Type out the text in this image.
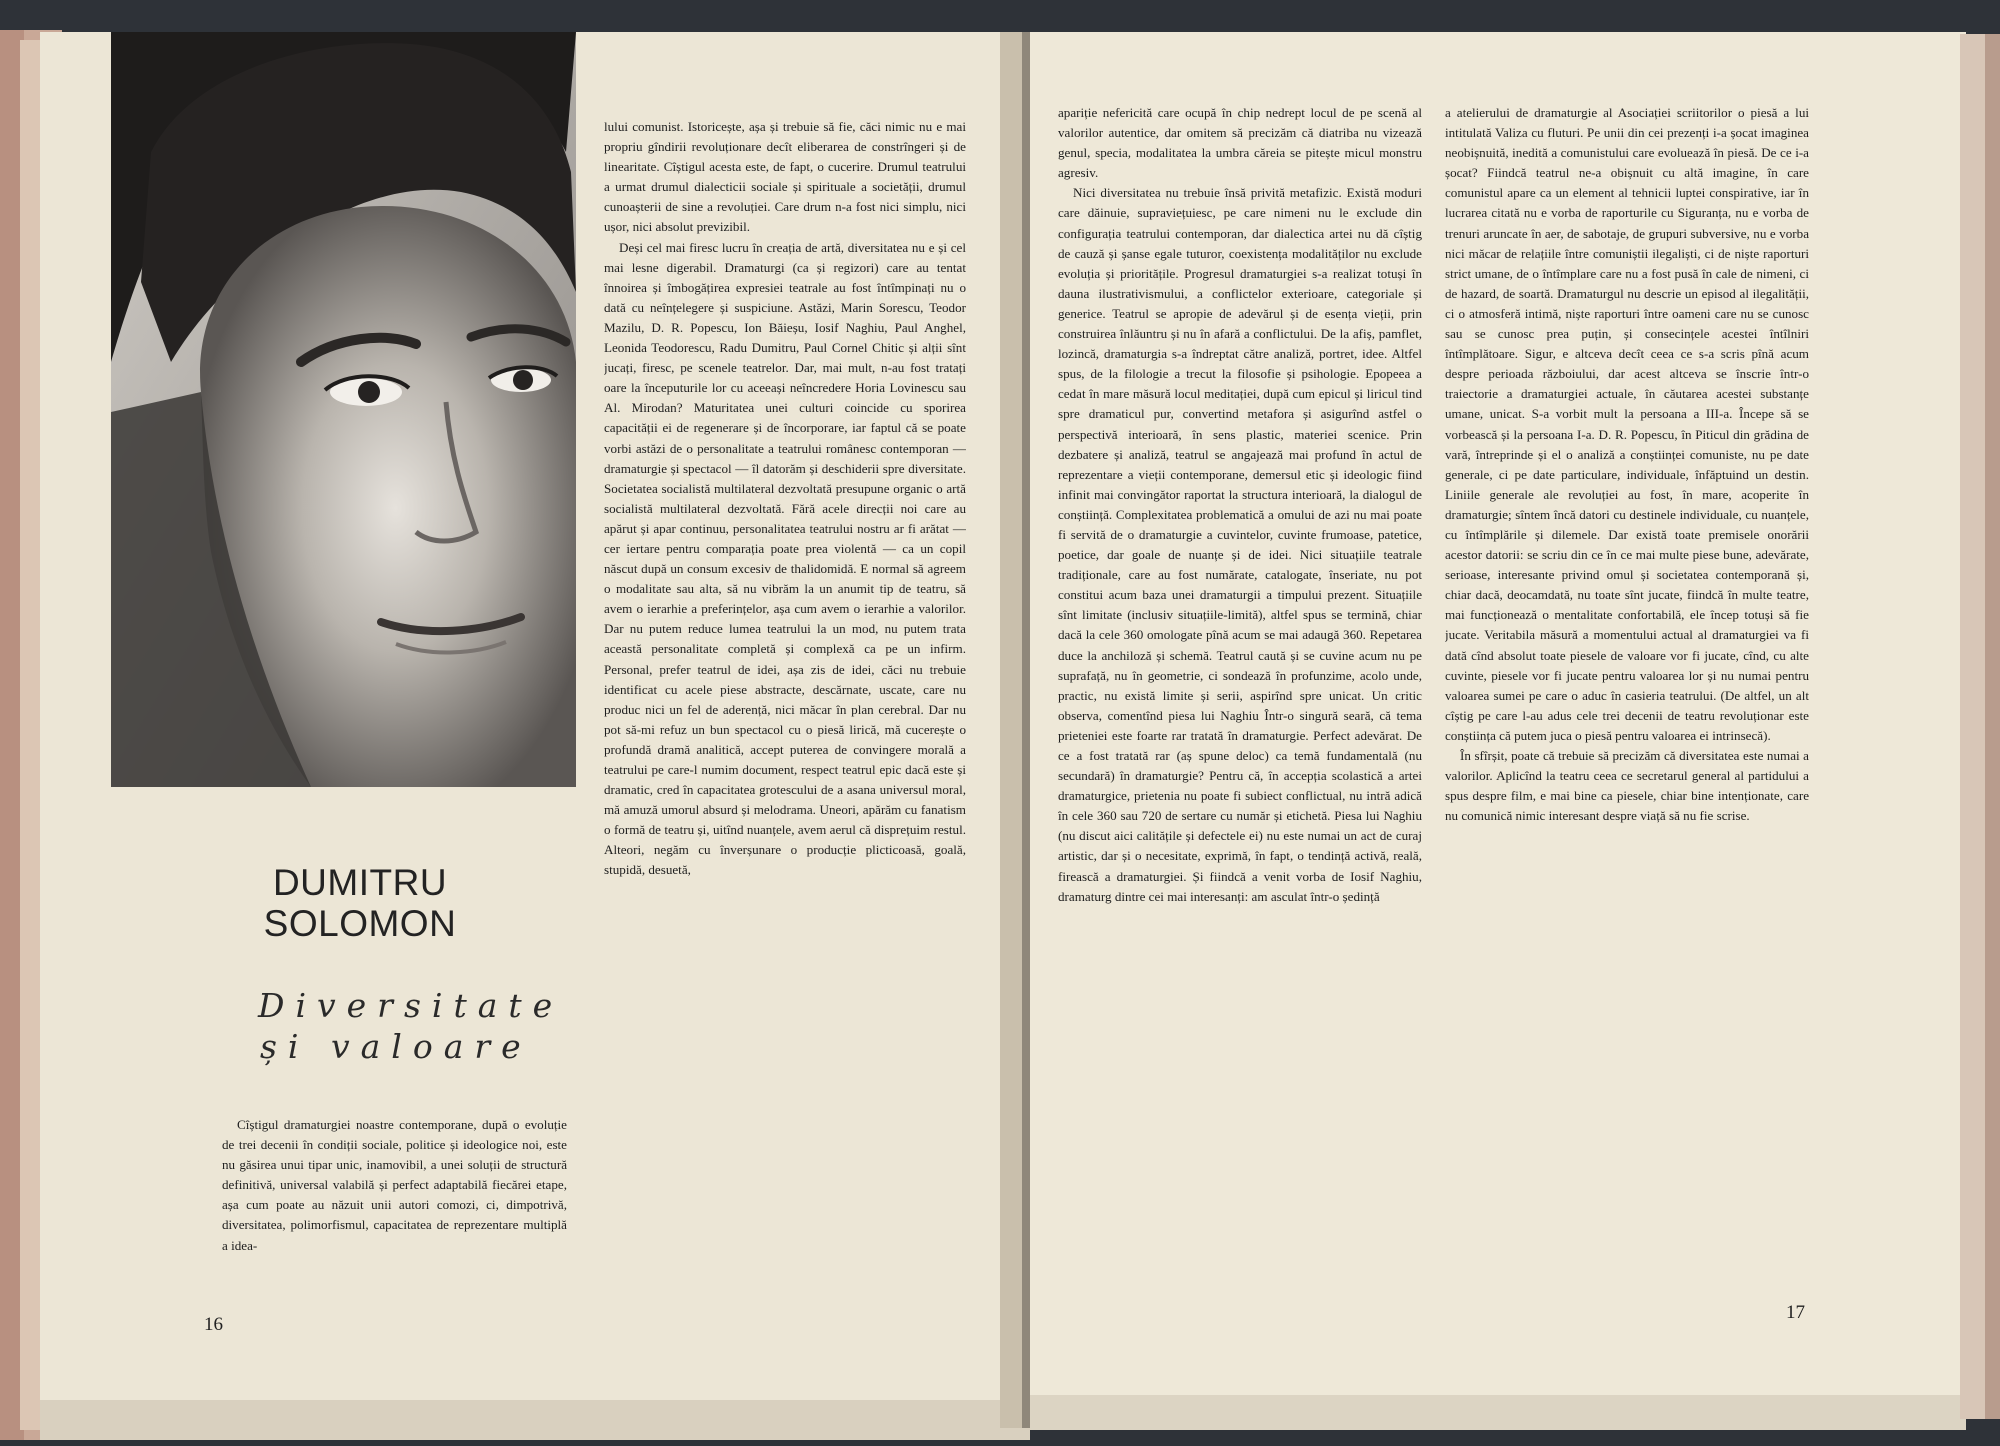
DUMITRU
SOLOMON
Diversitate
și valoare

Cîștigul dramaturgiei noastre contemporane, după o evoluție de trei decenii în condiții sociale, politice și ideologice noi, este nu găsirea unui tipar unic, inamovibil, a unei soluții de structură definitivă, universal valabilă și perfect adaptabilă fiecărei etape, așa cum poate au năzuit unii autori comozi, ci, dimpotrivă, diversitatea, polimorfismul, capacitatea de reprezentare multiplă a idea-

lului comunist. Istoricește, așa și trebuie să fie, căci nimic nu e mai propriu gîndirii revoluționare decît eliberarea de constrîngeri și de linearitate. Cîștigul acesta este, de fapt, o cucerire. Drumul teatrului a urmat drumul dialecticii sociale și spirituale a societății, drumul cunoașterii de sine a revoluției. Care drum n-a fost nici simplu, nici ușor, nici absolut previzibil.

Deși cel mai firesc lucru în creația de artă, diversitatea nu e și cel mai lesne digerabil. Dramaturgi (ca și regizori) care au tentat înnoirea și îmbogățirea expresiei teatrale au fost întîmpinați nu o dată cu neînțelegere și suspiciune. Astăzi, Marin Sorescu, Teodor Mazilu, D. R. Popescu, Ion Băieșu, Iosif Naghiu, Paul Anghel, Leonida Teodorescu, Radu Dumitru, Paul Cornel Chitic și alții sînt jucați, firesc, pe scenele teatrelor. Dar, mai mult, n-au fost tratați oare la începuturile lor cu aceeași neîncredere Horia Lovinescu sau Al. Mirodan? Maturitatea unei culturi coincide cu sporirea capacității ei de regenerare și de încorporare, iar faptul că se poate vorbi astăzi de o personalitate a teatrului românesc contemporan — dramaturgie și spectacol — îl datorăm și deschiderii spre diversitate. Societatea socialistă multilateral dezvoltată presupune organic o artă socialistă multilateral dezvoltată. Fără acele direcții noi care au apărut și apar continuu, personalitatea teatrului nostru ar fi arătat — cer iertare pentru comparația poate prea violentă — ca un copil născut după un consum excesiv de thalidomidă. E normal să agreem o modalitate sau alta, să nu vibrăm la un anumit tip de teatru, să avem o ierarhie a preferințelor, așa cum avem o ierarhie a valorilor. Dar nu putem reduce lumea teatrului la un mod, nu putem trata această personalitate completă și complexă ca pe un infirm. Personal, prefer teatrul de idei, așa zis de idei, căci nu trebuie identificat cu acele piese abstracte, descărnate, uscate, care nu produc nici un fel de aderență, nici măcar în plan cerebral. Dar nu pot să-mi refuz un bun spectacol cu o piesă lirică, mă cucerește o profundă dramă analitică, accept puterea de convingere morală a teatrului pe care-l numim document, respect teatrul epic dacă este și dramatic, cred în capacitatea grotescului de a asana universul moral, mă amuză umorul absurd și melodrama. Uneori, apărăm cu fanatism o formă de teatru și, uitînd nuanțele, avem aerul că disprețuim restul. Alteori, negăm cu înverșunare o producție plicticoasă, goală, stupidă, desuetă,

apariție nefericită care ocupă în chip nedrept locul de pe scenă al valorilor autentice, dar omitem să precizăm că diatriba nu vizează genul, specia, modalitatea la umbra căreia se pitește micul monstru agresiv.

Nici diversitatea nu trebuie însă privită metafizic. Există moduri care dăinuie, supraviețuiesc, pe care nimeni nu le exclude din configurația teatrului contemporan, dar dialectica artei nu dă cîștig de cauză și șanse egale tuturor, coexistența modalităților nu exclude evoluția și prioritățile. Progresul dramaturgiei s-a realizat totuși în dauna ilustrativismului, a conflictelor exterioare, categoriale și generice. Teatrul se apropie de adevărul și de esența vieții, prin construirea înlăuntru și nu în afară a conflictului. De la afiș, pamflet, lozincă, dramaturgia s-a îndreptat către analiză, portret, idee. Altfel spus, de la filologie a trecut la filosofie și psihologie. Epopeea a cedat în mare măsură locul meditației, după cum epicul și liricul tind spre dramaticul pur, convertind metafora și asigurînd astfel o perspectivă interioară, în sens plastic, materiei scenice. Prin dezbatere și analiză, teatrul se angajează mai profund în actul de reprezentare a vieții contemporane, demersul etic și ideologic fiind infinit mai convingător raportat la structura interioară, la dialogul de conștiință. Complexitatea problematică a omului de azi nu mai poate fi servită de o dramaturgie a cuvintelor, cuvinte frumoase, patetice, poetice, dar goale de nuanțe și de idei. Nici situațiile teatrale tradiționale, care au fost numărate, catalogate, înseriate, nu pot constitui acum baza unei dramaturgii a timpului prezent. Situațiile sînt limitate (inclusiv situațiile-limită), altfel spus se termină, chiar dacă la cele 360 omologate pînă acum se mai adaugă 360. Repetarea duce la anchiloză și schemă. Teatrul caută și se cuvine acum nu pe suprafață, nu în geometrie, ci sondează în profunzime, acolo unde, practic, nu există limite și serii, aspirînd spre unicat. Un critic observa, comentînd piesa lui Naghiu Într-o singură seară, că tema prieteniei este foarte rar tratată în dramaturgie. Perfect adevărat. De ce a fost tratată rar (aș spune deloc) ca temă fundamentală (nu secundară) în dramaturgie? Pentru că, în accepția scolastică a artei dramaturgice, prietenia nu poate fi subiect conflictual, nu intră adică în cele 360 sau 720 de sertare cu număr și etichetă. Piesa lui Naghiu (nu discut aici calitățile și defectele ei) nu este numai un act de curaj artistic, dar și o necesitate, exprimă, în fapt, o tendință activă, reală, firească a dramaturgiei. Și fiindcă a venit vorba de Iosif Naghiu, dramaturg dintre cei mai interesanți: am asculat într-o ședință

a atelierului de dramaturgie al Asociației scriitorilor o piesă a lui intitulată Valiza cu fluturi. Pe unii din cei prezenți i-a șocat imaginea neobișnuită, inedită a comunistului care evoluează în piesă. De ce i-a șocat? Fiindcă teatrul ne-a obișnuit cu altă imagine, în care comunistul apare ca un element al tehnicii luptei conspirative, iar în lucrarea citată nu e vorba de raporturile cu Siguranța, nu e vorba de trenuri aruncate în aer, de sabotaje, de grupuri subversive, nu e vorba nici măcar de relațiile între comuniștii ilegaliști, ci de niște raporturi strict umane, de o întîmplare care nu a fost pusă în cale de nimeni, ci de hazard, de soartă. Dramaturgul nu descrie un episod al ilegalității, ci o atmosferă intimă, niște raporturi între oameni care nu se cunosc sau se cunosc prea puțin, și consecințele acestei întîlniri întîmplătoare. Sigur, e altceva decît ceea ce s-a scris pînă acum despre perioada războiului, dar acest altceva se înscrie într-o traiectorie a dramaturgiei actuale, în căutarea acestei substanțe umane, unicat. S-a vorbit mult la persoana a III-a. Începe să se vorbească și la persoana I-a. D. R. Popescu, în Piticul din grădina de vară, întreprinde și el o analiză a conștiinței comuniste, nu pe date generale, ci pe date particulare, individuale, înfăptuind un destin. Liniile generale ale revoluției au fost, în mare, acoperite în dramaturgie; sîntem încă datori cu destinele individuale, cu nuanțele, cu întîmplările și dilemele. Dar există toate premisele onorării acestor datorii: se scriu din ce în ce mai multe piese bune, adevărate, serioase, interesante privind omul și societatea contemporană și, chiar dacă, deocamdată, nu toate sînt jucate, fiindcă în multe teatre, mai funcționează o mentalitate confortabilă, ele încep totuși să fie jucate. Veritabila măsură a momentului actual al dramaturgiei va fi dată cînd absolut toate piesele de valoare vor fi jucate, cînd, cu alte cuvinte, piesele vor fi jucate pentru valoarea lor și nu numai pentru valoarea sumei pe care o aduc în casieria teatrului. (De altfel, un alt cîștig pe care l-au adus cele trei decenii de teatru revoluționar este conștiința că putem juca o piesă pentru valoarea ei intrinsecă).

În sfîrșit, poate că trebuie să precizăm că diversitatea este numai a valorilor. Aplicînd la teatru ceea ce secretarul general al partidului a spus despre film, e mai bine ca piesele, chiar bine intenționate, care nu comunică nimic interesant despre viață să nu fie scrise.

16
17
